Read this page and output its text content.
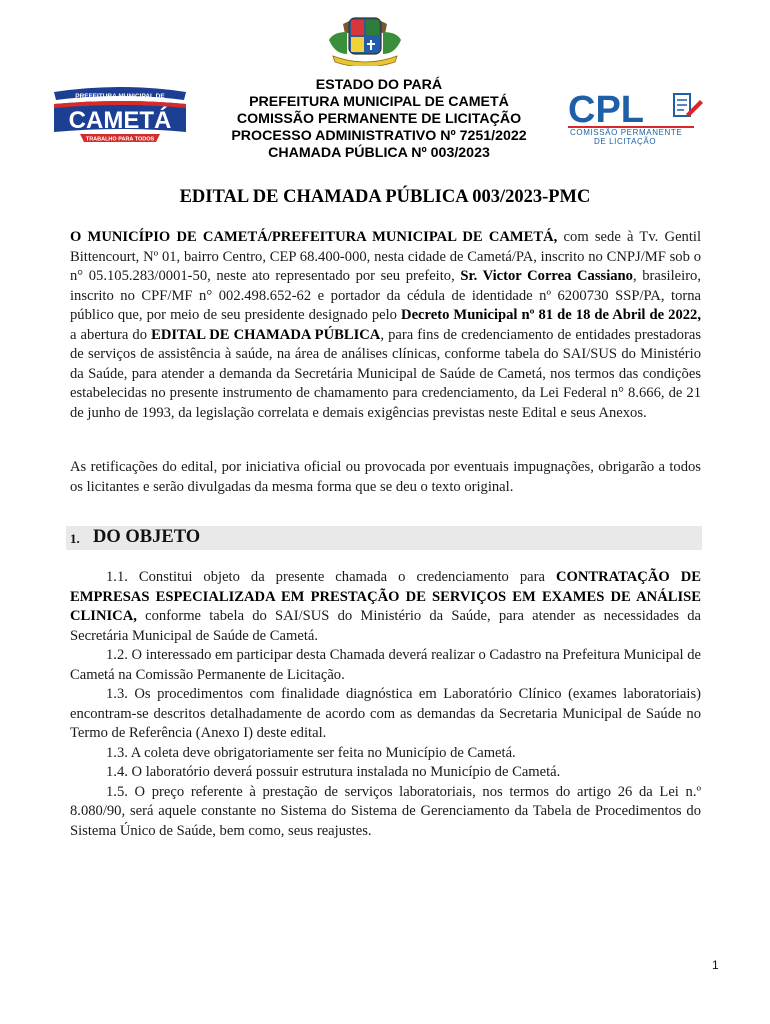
PREFEITURA MUNICIPAL DE
CAMETÁ
TRABALHO PARA TODOS
CPL
COMISSÃO PERMANENTE
DE LICITAÇÃO
ESTADO DO PARÁ
PREFEITURA MUNICIPAL DE CAMETÁ
COMISSÃO PERMANENTE DE LICITAÇÃO
PROCESSO ADMINISTRATIVO Nº 7251/2022
CHAMADA PÚBLICA Nº 003/2023
EDITAL DE CHAMADA PÚBLICA 003/2023-PMC
O MUNICÍPIO DE CAMETÁ/PREFEITURA MUNICIPAL DE CAMETÁ, com sede à Tv. Gentil Bittencourt, Nº 01, bairro Centro, CEP 68.400-000, nesta cidade de Cametá/PA, inscrito no CNPJ/MF sob o n° 05.105.283/0001-50, neste ato representado por seu prefeito, Sr. Victor Correa Cassiano, brasileiro, inscrito no CPF/MF n° 002.498.652-62 e portador da cédula de identidade nº 6200730 SSP/PA, torna público que, por meio de seu presidente designado pelo Decreto Municipal nº 81 de 18 de Abril de 2022, a abertura do EDITAL DE CHAMADA PÚBLICA, para fins de credenciamento de entidades prestadoras de serviços de assistência à saúde, na área de análises clínicas, conforme tabela do SAI/SUS do Ministério da Saúde, para atender a demanda da Secretária Municipal de Saúde de Cametá, nos termos das condições estabelecidas no presente instrumento de chamamento para credenciamento, da Lei Federal n° 8.666, de 21 de junho de 1993, da legislação correlata e demais exigências previstas neste Edital e seus Anexos.
As retificações do edital, por iniciativa oficial ou provocada por eventuais impugnações, obrigarão a todos os licitantes e serão divulgadas da mesma forma que se deu o texto original.
1. DO OBJETO

1.1. Constitui objeto da presente chamada o credenciamento para CONTRATAÇÃO DE EMPRESAS ESPECIALIZADA EM PRESTAÇÃO DE SERVIÇOS EM EXAMES DE ANÁLISE CLINICA, conforme tabela do SAI/SUS do Ministério da Saúde, para atender as necessidades da Secretária Municipal de Saúde de Cametá.

1.2. O interessado em participar desta Chamada deverá realizar o Cadastro na Prefeitura Municipal de Cametá na Comissão Permanente de Licitação.

1.3. Os procedimentos com finalidade diagnóstica em Laboratório Clínico (exames laboratoriais) encontram-se descritos detalhadamente de acordo com as demandas da Secretaria Municipal de Saúde no Termo de Referência (Anexo I) deste edital.

1.3. A coleta deve obrigatoriamente ser feita no Município de Cametá.

1.4. O laboratório deverá possuir estrutura instalada no Município de Cametá.

1.5. O preço referente à prestação de serviços laboratoriais, nos termos do artigo 26 da Lei n.º 8.080/90, será aquele constante no Sistema do Sistema de Gerenciamento da Tabela de Procedimentos do Sistema Único de Saúde, bem como, seus reajustes.

1
